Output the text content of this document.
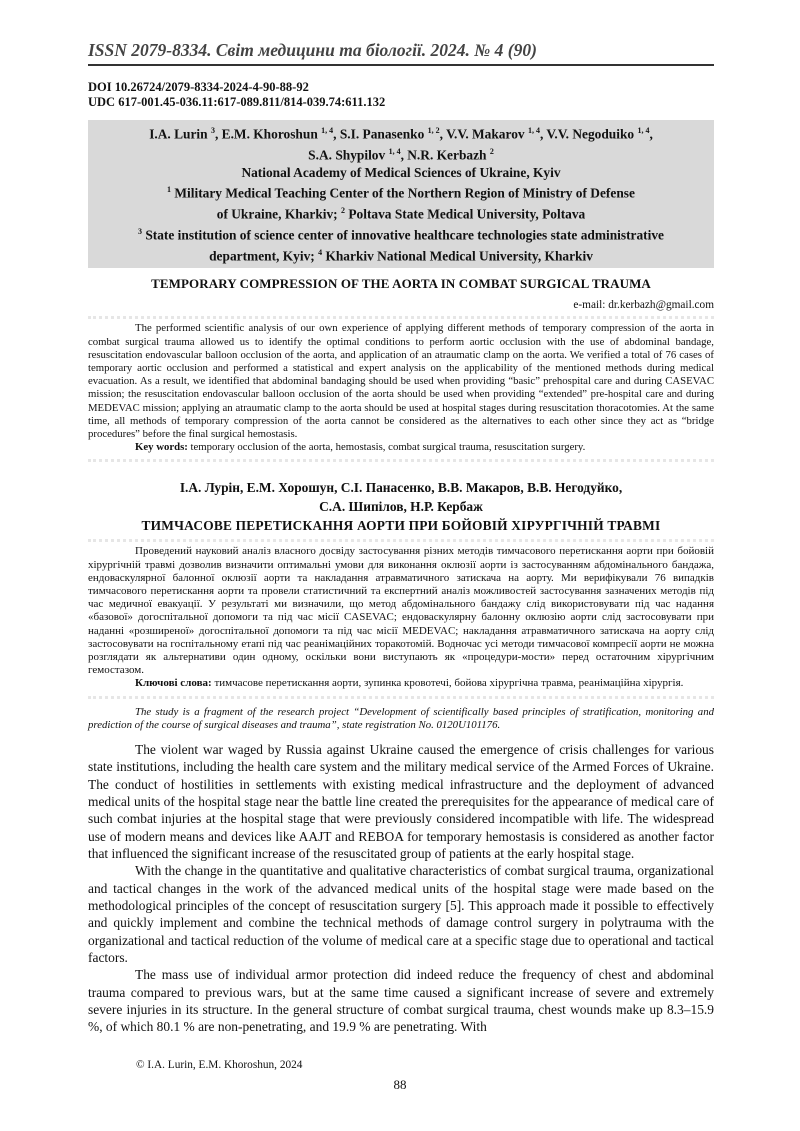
ISSN 2079-8334. Світ медицини та біології. 2024. № 4 (90)

DOI 10.26724/2079-8334-2024-4-90-88-92
UDC 617-001.45-036.11:617-089.811/814-039.74:611.132
I.A. Lurin $^3$, E.M. Khoroshun $^{1, 4}$, S.I. Panasenko $^{1, 2}$, V.V. Makarov $^{1, 4}$, V.V. Negoduiko $^{1, 4}$,
S.A. Shypilov $^{1, 4}$, N.R. Kerbazh $^2$
National Academy of Medical Sciences of Ukraine, Kyiv
$^1$ Military Medical Teaching Center of the Northern Region of Ministry of Defense
of Ukraine, Kharkiv; $^2$ Poltava State Medical University, Poltava
$^3$ State institution of science center of innovative healthcare technologies state administrative
department, Kyiv; $^4$ Kharkiv National Medical University, Kharkiv
TEMPORARY COMPRESSION OF THE AORTA IN COMBAT SURGICAL TRAUMA
e-mail: dr.kerbazh@gmail.com

The performed scientific analysis of our own experience of applying different methods of temporary compression of the aorta in combat surgical trauma allowed us to identify the optimal conditions to perform aortic occlusion with the use of abdominal bandage, resuscitation endovascular balloon occlusion of the aorta, and application of an atraumatic clamp on the aorta. We verified a total of 76 cases of temporary aortic occlusion and performed a statistical and expert analysis on the applicability of the mentioned methods during medical evacuation. As a result, we identified that abdominal bandaging should be used when providing “basic” prehospital care and during CASEVAC mission; the resuscitation endovascular balloon occlusion of the aorta should be used when providing “extended” pre-hospital care and during MEDEVAC mission; applying an atraumatic clamp to the aorta should be used at hospital stages during resuscitation thoracotomies. At the same time, all methods of temporary compression of the aorta cannot be considered as the alternatives to each other since they act as “bridge procedures” before the final surgical hemostasis.

Key words: temporary occlusion of the aorta, hemostasis, combat surgical trauma, resuscitation surgery.

І.А. Лурін, Е.М. Хорошун, С.І. Панасенко, В.В. Макаров, В.В. Негодуйко,
С.А. Шипілов, Н.Р. Кербаж
ТИМЧАСОВЕ ПЕРЕТИСКАННЯ АОРТИ ПРИ БОЙОВІЙ ХІРУРГІЧНІЙ ТРАВМІ

Проведений науковий аналіз власного досвіду застосування різних методів тимчасового перетискання аорти при бойовій хірургічній травмі дозволив визначити оптимальні умови для виконання оклюзії аорти із застосуванням абдомінального бандажа, ендоваскулярної балонної оклюзії аорти та накладання атравматичного затискача на аорту. Ми верифікували 76 випадків тимчасового перетискання аорти та провели статистичний та експертний аналіз можливостей застосування зазначених методів під час медичної евакуації. У результаті ми визначили, що метод абдомінального бандажу слід використовувати під час надання «базової» догоспітальної допомоги та під час місії CASEVAC; ендоваскулярну балонну оклюзію аорти слід застосовувати при наданні «розширеної» догоспітальної допомоги та під час місії MEDEVAC; накладання атравматичного затискача на аорту слід застосовувати на госпітальному етапі під час реанімаційних торакотомій. Водночас усі методи тимчасової компресії аорти не можна розглядати як альтернативи один одному, оскільки вони виступають як «процедури-мости» перед остаточним хірургічним гемостазом.

Ключові слова: тимчасове перетискання аорти, зупинка кровотечі, бойова хірургічна травма, реанімаційна хірургія.

The study is a fragment of the research project “Development of scientifically based principles of stratification, monitoring and prediction of the course of surgical diseases and trauma”, state registration No. 0120U101176.

The violent war waged by Russia against Ukraine caused the emergence of crisis challenges for various state institutions, including the health care system and the military medical service of the Armed Forces of Ukraine. The conduct of hostilities in settlements with existing medical infrastructure and the deployment of advanced medical units of the hospital stage near the battle line created the prerequisites for the appearance of medical care of such combat injuries at the hospital stage that were previously considered incompatible with life. The widespread use of modern means and devices like AAJT and REBOA for temporary hemostasis is considered as another factor that influenced the significant increase of the resuscitated group of patients at the early hospital stage.

With the change in the quantitative and qualitative characteristics of combat surgical trauma, organizational and tactical changes in the work of the advanced medical units of the hospital stage were made based on the methodological principles of the concept of resuscitation surgery [5]. This approach made it possible to effectively and quickly implement and combine the technical methods of damage control surgery in polytrauma with the organizational and tactical reduction of the volume of medical care at a specific stage due to operational and tactical factors.

The mass use of individual armor protection did indeed reduce the frequency of chest and abdominal trauma compared to previous wars, but at the same time caused a significant increase of severe and extremely severe injuries in its structure. In the general structure of combat surgical trauma, chest wounds make up 8.3–15.9 %, of which 80.1 % are non-penetrating, and 19.9 % are penetrating. With

© I.A. Lurin, E.M. Khoroshun, 2024
88
